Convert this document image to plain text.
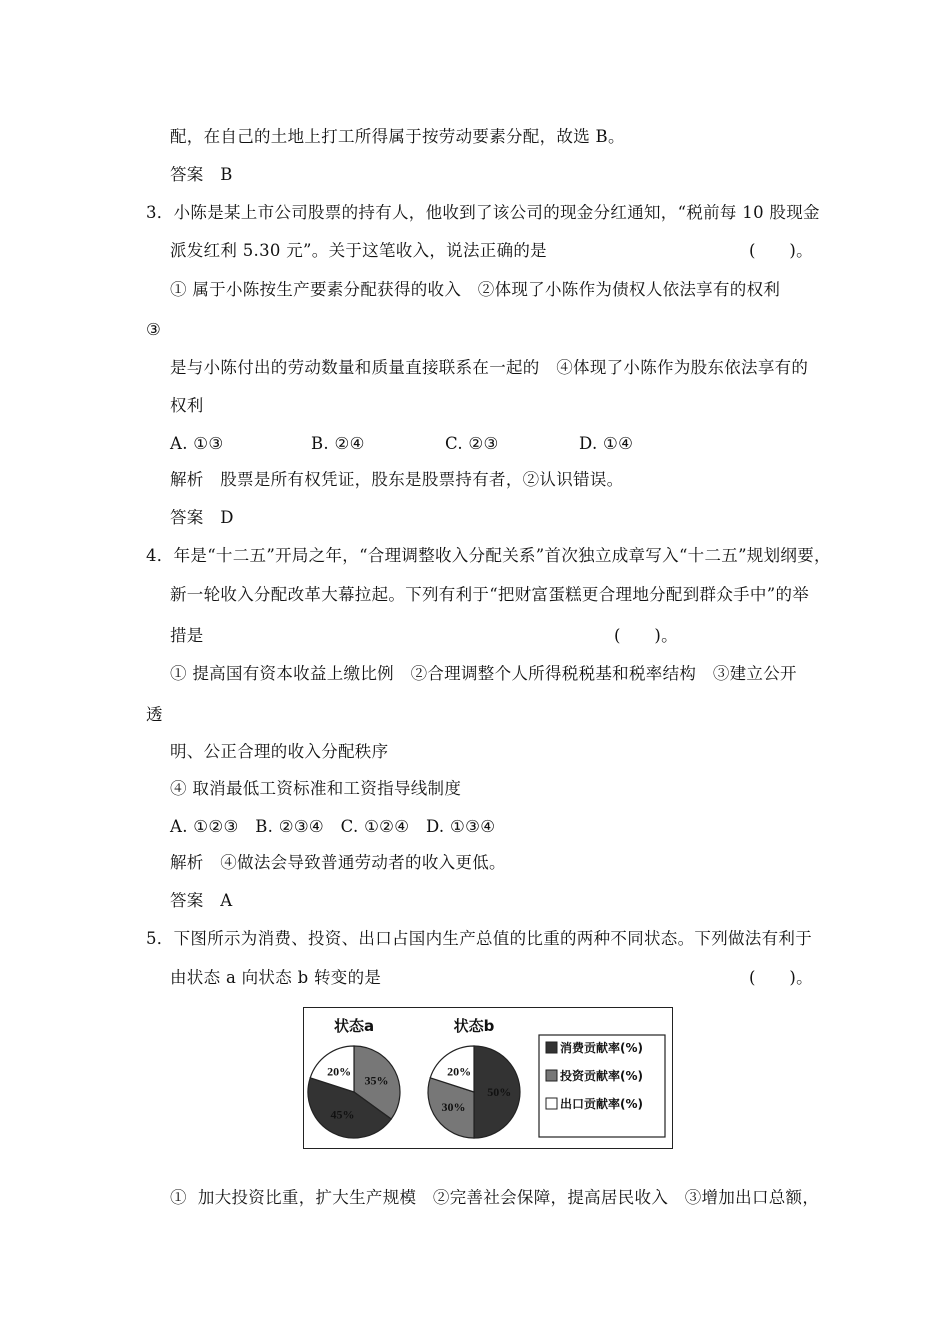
配，在自己的土地上打工所得属于按劳动要素分配，故选 B。
答案   B
3．小陈是某上市公司股票的持有人，他收到了该公司的现金分红通知，“税前每 10 股现金
派发红利 5.30 元”。关于这笔收入，说法正确的是	(　　)。
① 属于小陈按生产要素分配获得的收入   ②体现了小陈作为债权人依法享有的权利
③
是与小陈付出的劳动数量和质量直接联系在一起的   ④体现了小陈作为股东依法享有的
权利
A. ①③	B. ②④	C. ②③	D. ①④
解析   股票是所有权凭证，股东是股票持有者，②认识错误。
答案   D
4．年是“十二五”开局之年，“合理调整收入分配关系”首次独立成章写入“十二五”规划纲要，
新一轮收入分配改革大幕拉起。下列有利于“把财富蛋糕更合理地分配到群众手中”的举
措是	(　　)。
① 提高国有资本收益上缴比例   ②合理调整个人所得税税基和税率结构   ③建立公开
透
明、公正合理的收入分配秩序
④ 取消最低工资标准和工资指导线制度
A. ①②③   B. ②③④   C. ①②④   D. ①③④
解析   ④做法会导致普通劳动者的收入更低。
答案   A
5．下图所示为消费、投资、出口占国内生产总值的比重的两种不同状态。下列做法有利于
由状态 a 向状态 b 转变的是	(　　)。
35%
45%
20%
状态a
50%
30%
20%
状态b
消费贡献率(%)
投资贡献率(%)
出口贡献率(%)
①  加大投资比重，扩大生产规模   ②完善社会保障，提高居民收入   ③增加出口总额，
